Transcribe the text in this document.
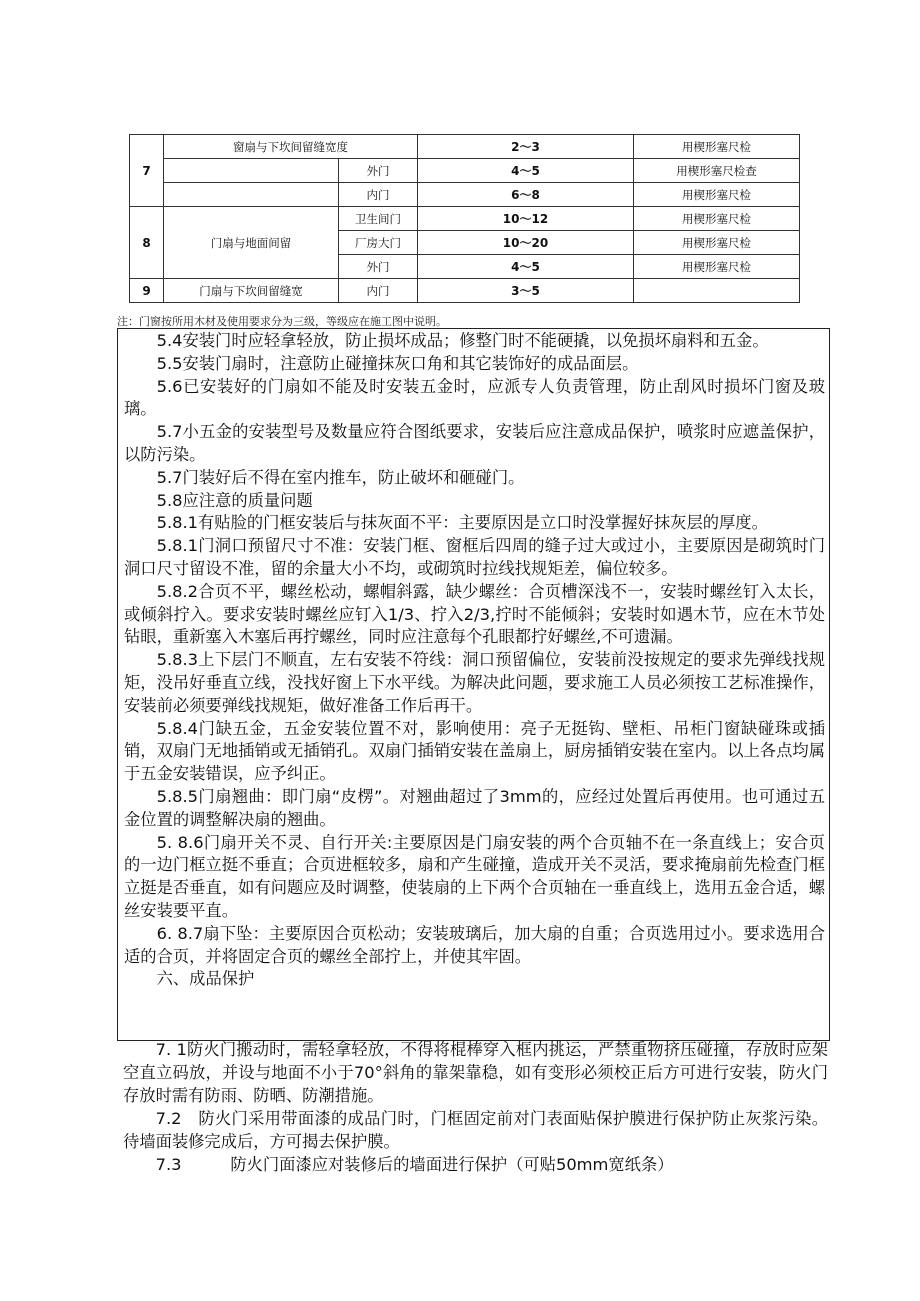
7	窗扇与下坎间留缝宽度		2～3	用楔形塞尺检
		外门	4～5	用楔形塞尺检查
		内门	6～8	用楔形塞尺检
8	门扇与地面间留	卫生间门	10～12	用楔形塞尺检
		厂房大门	10～20	用楔形塞尺检
		外门	4～5	用楔形塞尺检
9	门扇与下坎间留缝宽	内门	3～5	
注：门窗按所用木材及使用要求分为三级，等级应在施工图中说明。

5.4安装门时应轻拿轻放，防止损坏成品；修整门时不能硬撬，以免损坏扇料和五金。

5.5安装门扇时，注意防止碰撞抹灰口角和其它装饰好的成品面层。

5.6已安装好的门扇如不能及时安装五金时，应派专人负责管理，防止刮风时损坏门窗及玻璃。

5.7小五金的安装型号及数量应符合图纸要求，安装后应注意成品保护，喷浆时应遮盖保护，以防污染。

5.7门装好后不得在室内推车，防止破坏和砸碰门。

5.8应注意的质量问题

5.8.1有贴脸的门框安装后与抹灰面不平：主要原因是立口时没掌握好抹灰层的厚度。

5.8.1门洞口预留尺寸不准：安装门框、窗框后四周的缝子过大或过小，主要原因是砌筑时门洞口尺寸留设不准，留的余量大小不均，或砌筑时拉线找规矩差，偏位较多。

5.8.2合页不平，螺丝松动，螺帽斜露，缺少螺丝：合页槽深浅不一，安装时螺丝钉入太长，或倾斜拧入。要求安装时螺丝应钉入1/3、拧入2/3,拧时不能倾斜；安装时如遇木节，应在木节处钻眼，重新塞入木塞后再拧螺丝，同时应注意每个孔眼都拧好螺丝,不可遗漏。

5.8.3上下层门不顺直，左右安装不符线：洞口预留偏位，安装前没按规定的要求先弹线找规矩，没吊好垂直立线，没找好窗上下水平线。为解决此问题，要求施工人员必须按工艺标准操作，安装前必须要弹线找规矩，做好准备工作后再干。

5.8.4门缺五金，五金安装位置不对，影响使用：亮子无挺钩、壁柜、吊柜门窗缺碰珠或插销，双扇门无地插销或无插销孔。双扇门插销安装在盖扇上，厨房插销安装在室内。以上各点均属于五金安装错误，应予纠正。

5.8.5门扇翘曲：即门扇“皮楞”。对翘曲超过了3mm的，应经过处置后再使用。也可通过五金位置的调整解决扇的翘曲。

5. 8.6门扇开关不灵、自行开关:主要原因是门扇安装的两个合页轴不在一条直线上；安合页的一边门框立挺不垂直；合页进框较多，扇和产生碰撞，造成开关不灵活，要求掩扇前先检查门框立挺是否垂直，如有问题应及时调整，使装扇的上下两个合页轴在一垂直线上，选用五金合适，螺丝安装要平直。

6. 8.7扇下坠：主要原因合页松动；安装玻璃后，加大扇的自重；合页选用过小。要求选用合适的合页，并将固定合页的螺丝全部拧上，并使其牢固。

六、成品保护

7. 1防火门搬动时，需轻拿轻放，不得将棍棒穿入框内挑运，严禁重物挤压碰撞，存放时应架空直立码放，并设与地面不小于70°斜角的靠架靠稳，如有变形必须校正后方可进行安装，防火门存放时需有防雨、防晒、防潮措施。

7.2　防火门采用带面漆的成品门时，门框固定前对门表面贴保护膜进行保护防止灰浆污染。待墙面装修完成后，方可揭去保护膜。

7.3　　　防火门面漆应对装修后的墙面进行保护（可贴50mm宽纸条）
